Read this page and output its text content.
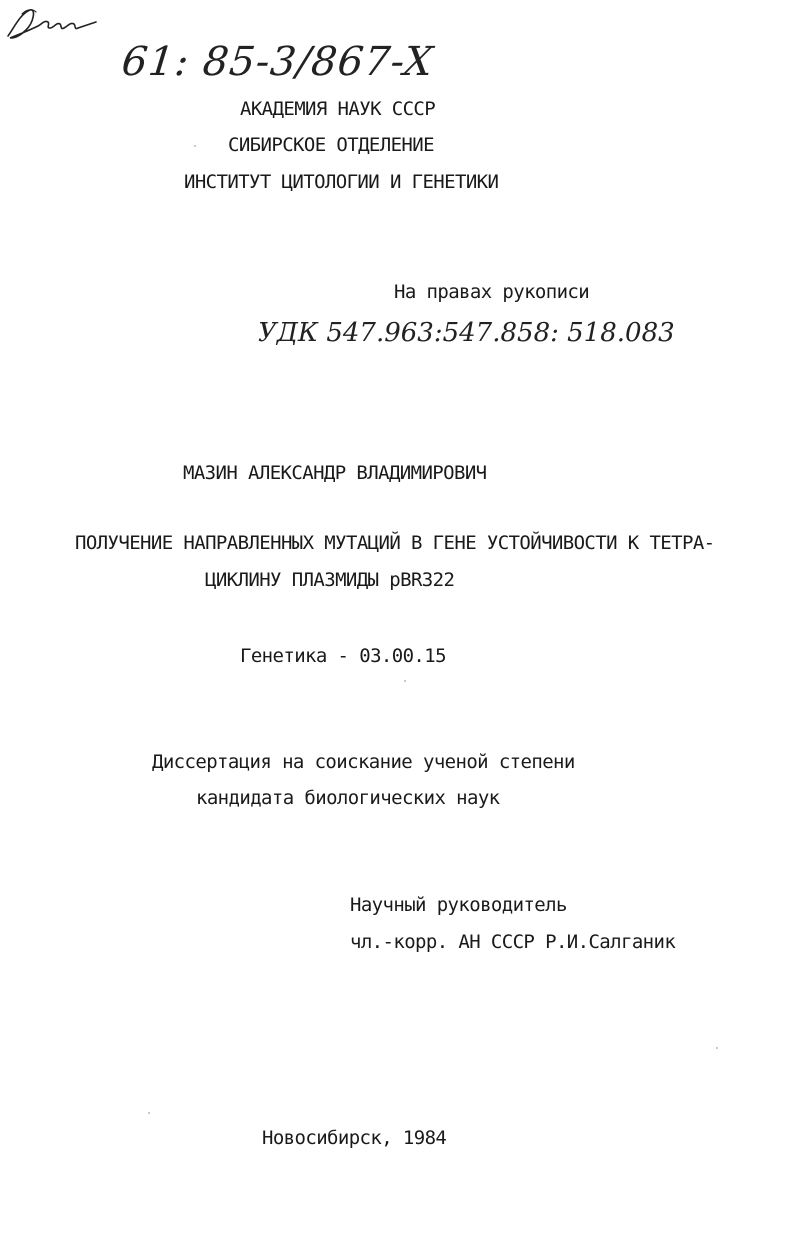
61: 85-3/867-X
АКАДЕМИЯ НАУК СССР
СИБИРСКОЕ ОТДЕЛЕНИЕ
ИНСТИТУТ ЦИТОЛОГИИ И ГЕНЕТИКИ
На правах рукописи
УДК 547.963:547.858: 518.083
МАЗИН АЛЕКСАНДР ВЛАДИМИРОВИЧ
ПОЛУЧЕНИЕ НАПРАВЛЕННЫХ МУТАЦИЙ В ГЕНЕ УСТОЙЧИВОСТИ К ТЕТРА-
ЦИКЛИНУ ПЛАЗМИДЫ pBR322
Генетика - 03.00.15
Диссертация на соискание ученой степени
кандидата биологических наук
Научный руководитель
чл.-корр. АН СССР Р.И.Салганик
Новосибирск, 1984
